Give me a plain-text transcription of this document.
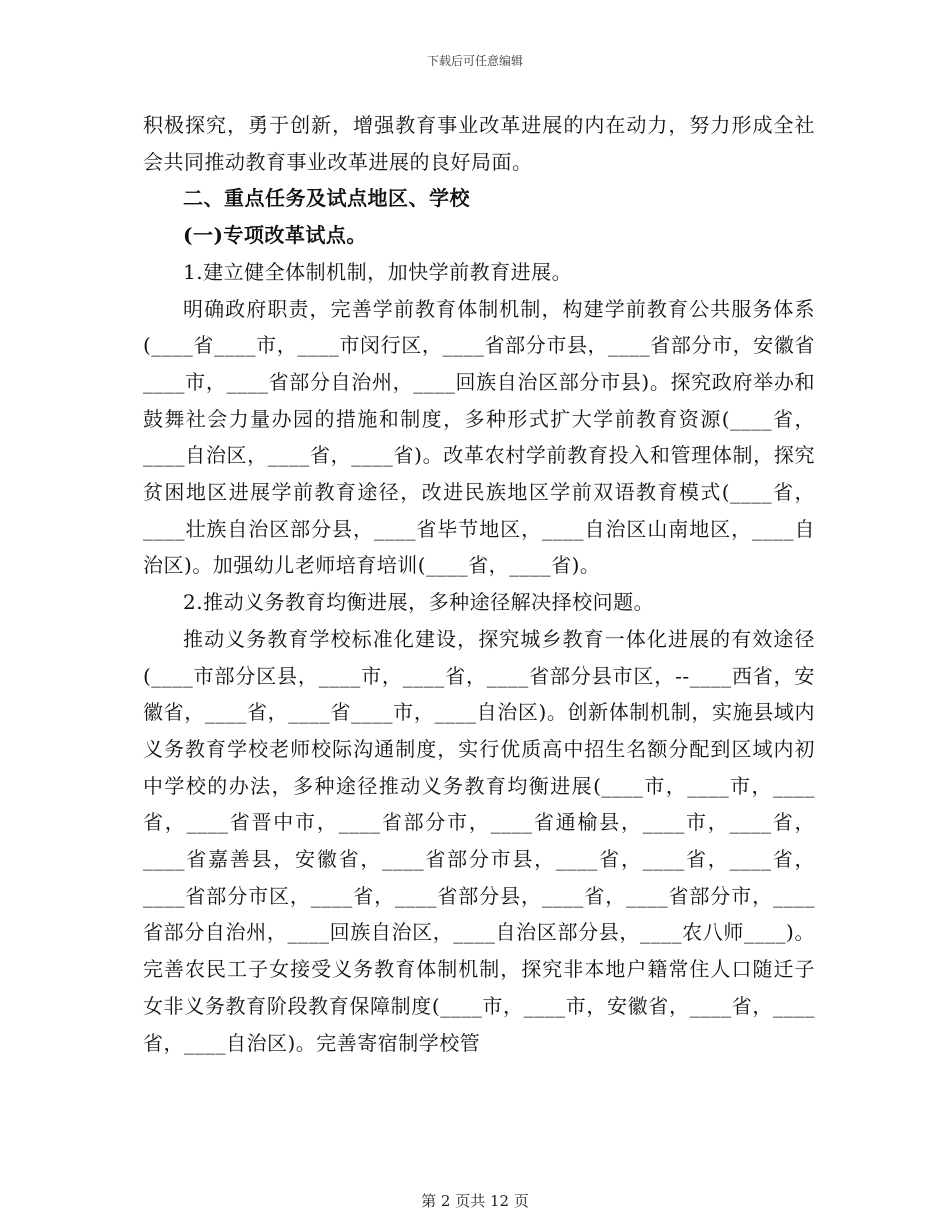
下载后可任意编辑

积极探究，勇于创新，增强教育事业改革进展的内在动力，努力形成全社会共同推动教育事业改革进展的良好局面。

二、重点任务及试点地区、学校

(一)专项改革试点。

1.建立健全体制机制，加快学前教育进展。

明确政府职责，完善学前教育体制机制，构建学前教育公共服务体系(____省____市，____市闵行区，____省部分市县，____省部分市，安徽省____市，____省部分自治州，____回族自治区部分市县)。探究政府举办和鼓舞社会力量办园的措施和制度，多种形式扩大学前教育资源(____省，____自治区，____省，____省)。改革农村学前教育投入和管理体制，探究贫困地区进展学前教育途径，改进民族地区学前双语教育模式(____省，____壮族自治区部分县，____省毕节地区，____自治区山南地区，____自治区)。加强幼儿老师培育培训(____省，____省)。

2.推动义务教育均衡进展，多种途径解决择校问题。

推动义务教育学校标准化建设，探究城乡教育一体化进展的有效途径(____市部分区县，____市，____省，____省部分县市区，--____西省，安徽省，____省，____省____市，____自治区)。创新体制机制，实施县域内义务教育学校老师校际沟通制度，实行优质高中招生名额分配到区域内初中学校的办法，多种途径推动义务教育均衡进展(____市，____市，____省，____省晋中市，____省部分市，____省通榆县，____市，____省，____省嘉善县，安徽省，____省部分市县，____省，____省，____省，____省部分市区，____省，____省部分县，____省，____省部分市，____省部分自治州，____回族自治区，____自治区部分县，____农八师____)。完善农民工子女接受义务教育体制机制，探究非本地户籍常住人口随迁子女非义务教育阶段教育保障制度(____市，____市，安徽省，____省，____省，____自治区)。完善寄宿制学校管

第 2 页共 12 页
